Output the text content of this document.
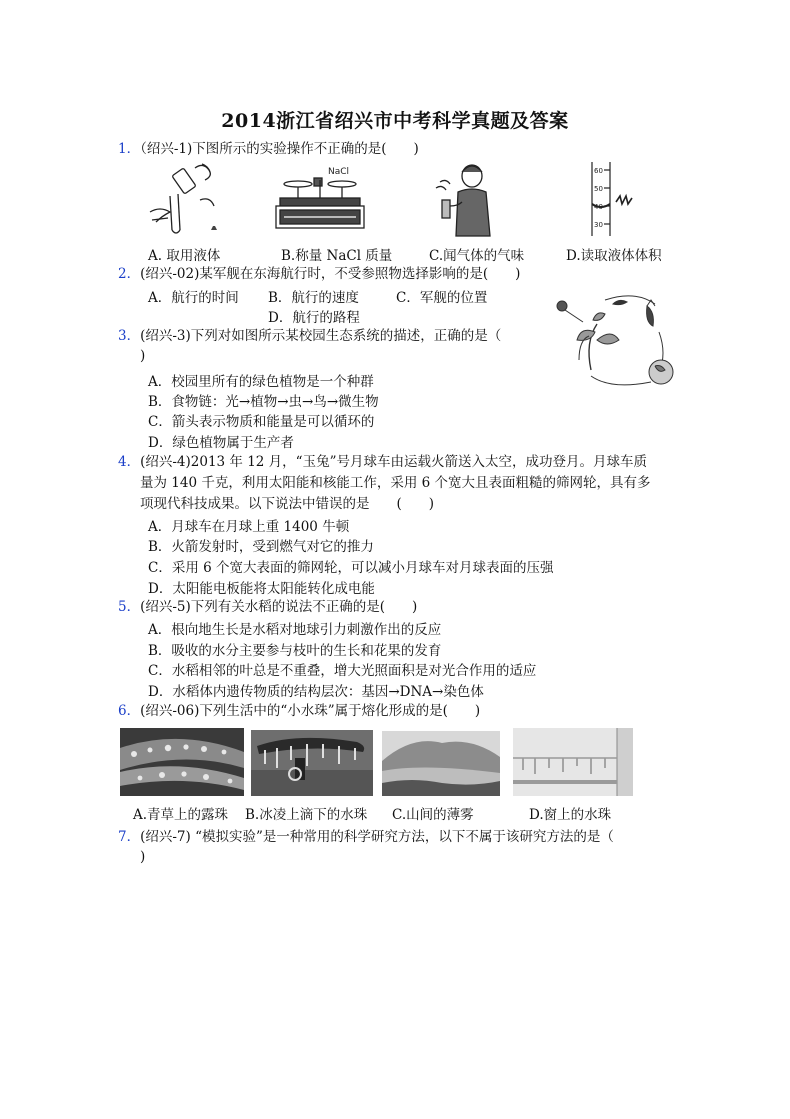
2014浙江省绍兴市中考科学真题及答案
1．（绍兴-1)下图所示的实验操作不正确的是(　　)
NaCl	60
50
40
30
A. 取用液体	B.称量 NaCl 质量	C.闻气体的气味	D.读取液体体积
2．(绍兴-02)某军舰在东海航行时，不受参照物选择影响的是(　　)
A．航行的时间 B．航行的速度	C．军舰的位置
D．航行的路程
3．(绍兴-3)下列对如图所示某校园生态系统的描述，正确的是（
)
A．校园里所有的绿色植物是一个种群
B．食物链：光→植物→虫→鸟→微生物
C．箭头表示物质和能量是可以循环的
D．绿色植物属于生产者
4．(绍兴-4)2013 年 12 月，“玉兔”号月球车由运载火箭送入太空，成功登月。月球车质
量为 140 千克，利用太阳能和核能工作，采用 6 个宽大且表面粗糙的筛网轮，具有多
项现代科技成果。以下说法中错误的是　　(　　)
A．月球车在月球上重 1400 牛顿
B．火箭发射时，受到燃气对它的推力
C．采用 6 个宽大表面的筛网轮，可以减小月球车对月球表面的压强
D．太阳能电板能将太阳能转化成电能
5．(绍兴-5)下列有关水稻的说法不正确的是(　　)
A．根向地生长是水稻对地球引力刺激作出的反应
B．吸收的水分主要参与枝叶的生长和花果的发育
C．水稻相邻的叶总是不重叠，增大光照面积是对光合作用的适应
D．水稻体内遗传物质的结构层次：基因→DNA→染色体
6．(绍兴-06)下列生活中的“小水珠”属于熔化形成的是(　　)
A.青草上的露珠 B.冰凌上滴下的水珠 C.山间的薄雾	D.窗上的水珠
7．(绍兴-7) “模拟实验”是一种常用的科学研究方法，以下不属于该研究方法的是（
)
